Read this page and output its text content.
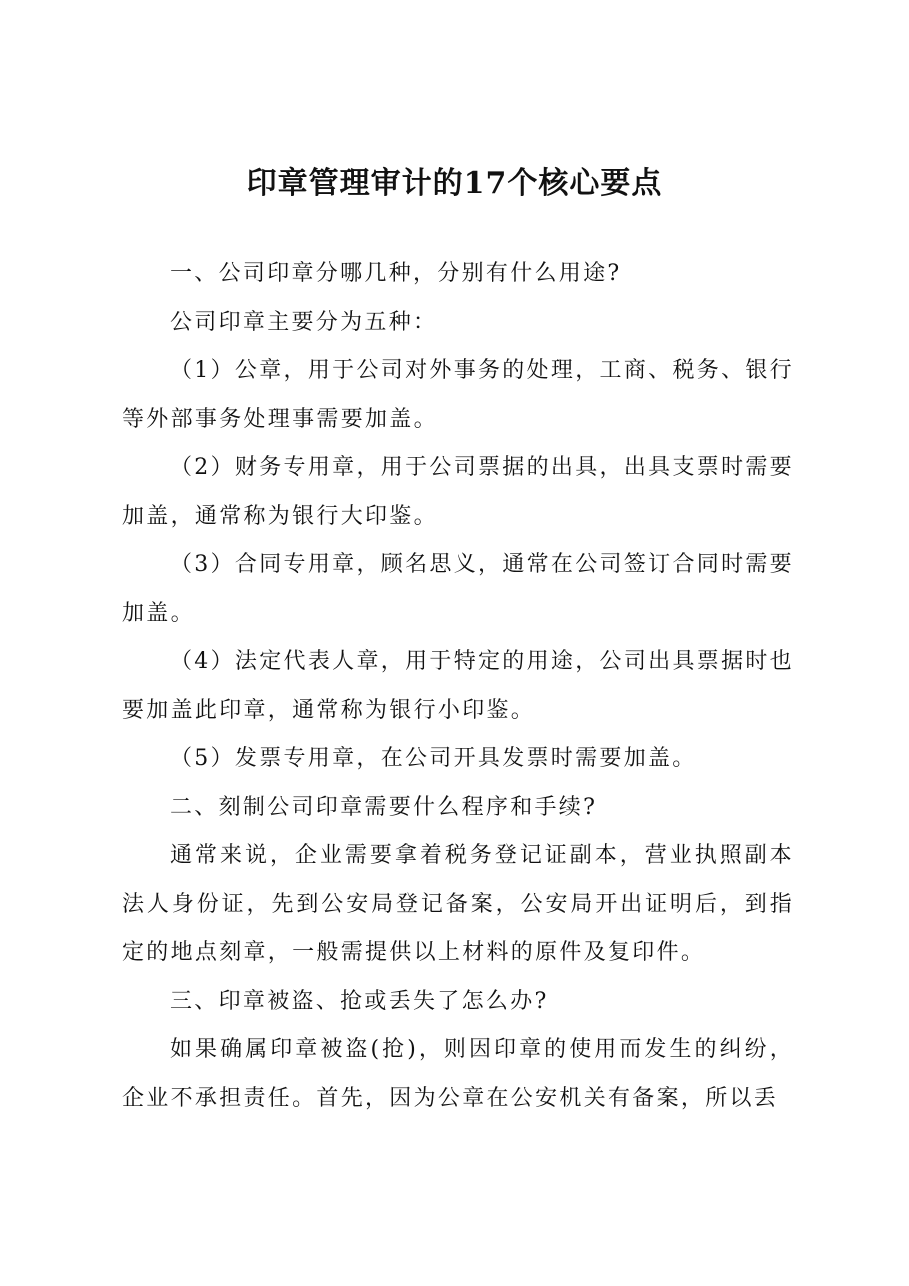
印章管理审计的17个核心要点

一、公司印章分哪几种，分别有什么用途?

公司印章主要分为五种：

（1）公章，用于公司对外事务的处理，工商、税务、银行等外部事务处理事需要加盖。

（2）财务专用章，用于公司票据的出具，出具支票时需要加盖，通常称为银行大印鉴。

（3）合同专用章，顾名思义，通常在公司签订合同时需要加盖。

（4）法定代表人章，用于特定的用途，公司出具票据时也要加盖此印章，通常称为银行小印鉴。

（5）发票专用章，在公司开具发票时需要加盖。

二、刻制公司印章需要什么程序和手续?

通常来说，企业需要拿着税务登记证副本，营业执照副本法人身份证，先到公安局登记备案，公安局开出证明后，到指定的地点刻章，一般需提供以上材料的原件及复印件。

三、印章被盗、抢或丢失了怎么办?

如果确属印章被盗(抢)，则因印章的使用而发生的纠纷，企业不承担责任。首先，因为公章在公安机关有备案，所以丢
